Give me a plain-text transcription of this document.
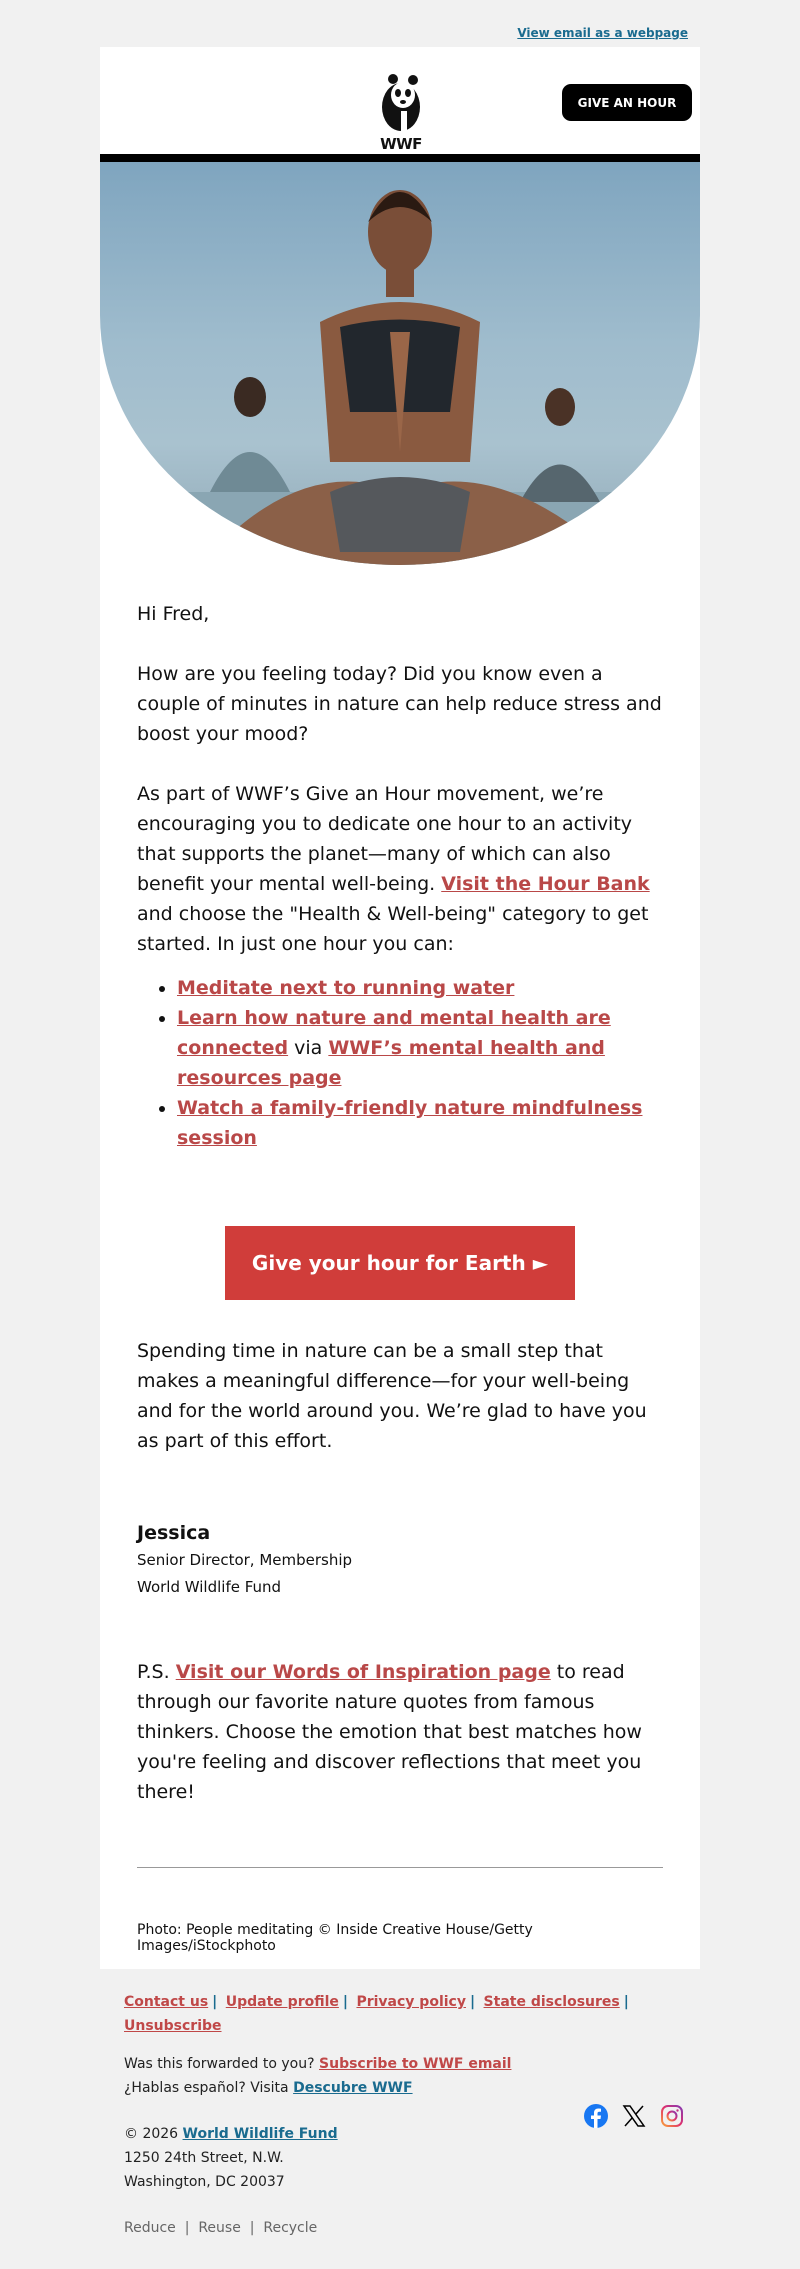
View email as a webpage
WWF
GIVE AN HOUR

Hi Fred,

How are you feeling today? Did you know even a couple of minutes in nature can help reduce stress and boost your mood?

As part of WWF’s Give an Hour movement, we’re encouraging you to dedicate one hour to an activity that supports the planet—many of which can also benefit your mental well-being. Visit the Hour Bank and choose the "Health & Well-being" category to get started. In just one hour you can:

• Meditate next to running water
• Learn how nature and mental health are connected via WWF’s mental health and resources page
• Watch a family-friendly nature mindfulness session
Give your hour for Earth ►

Spending time in nature can be a small step that makes a meaningful difference—for your well-being and for the world around you. We’re glad to have you as part of this effort.

Jessica
Senior Director, Membership
World Wildlife Fund

P.S. Visit our Words of Inspiration page to read through our favorite nature quotes from famous thinkers. Choose the emotion that best matches how you're feeling and discover reflections that meet you there!

Photo: People meditating © Inside Creative House/Getty Images/iStockphoto
Contact us | Update profile | Privacy policy | State disclosures | Unsubscribe
Was this forwarded to you? Subscribe to WWF email
¿Hablas español? Visita Descubre WWF
© 2026 World Wildlife Fund
1250 24th Street, N.W.
Washington, DC 20037
Reduce  |  Reuse  |  Recycle
